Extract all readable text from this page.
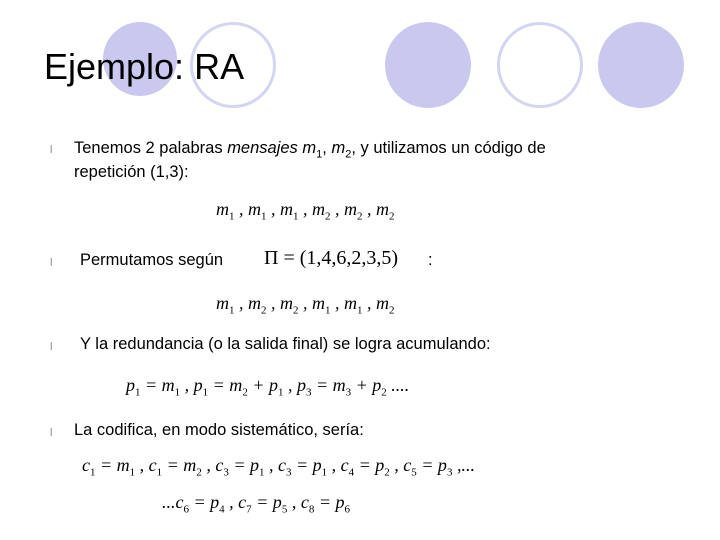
Ejemplo: RA
l Tenemos 2 palabras mensajes $m_1$, $m_2$, y utilizamos un código de
repetición (1,3):
$m_1$ , $m_1$ , $m_1$ , $m_2$ , $m_2$ , $m_2$
l Permutamos según Π = (1,4,6,2,3,5) :
$m_1$ , $m_2$ , $m_2$ , $m_1$ , $m_1$ , $m_2$
l Y la redundancia (o la salida final) se logra acumulando:
$p_1 = m_1$ , $p_1 = m_2 + p_1$ , $p_3 = m_3 + p_2$ ....
l La codifica, en modo sistemático, sería:
$c_1 = m_1$ , $c_1 = m_2$ , $c_3 = p_1$ , $c_3 = p_1$ , $c_4 = p_2$ , $c_5 = p_3$ ,...
$...c_6 = p_4$ , $c_7 = p_5$ , $c_8 = p_6$
